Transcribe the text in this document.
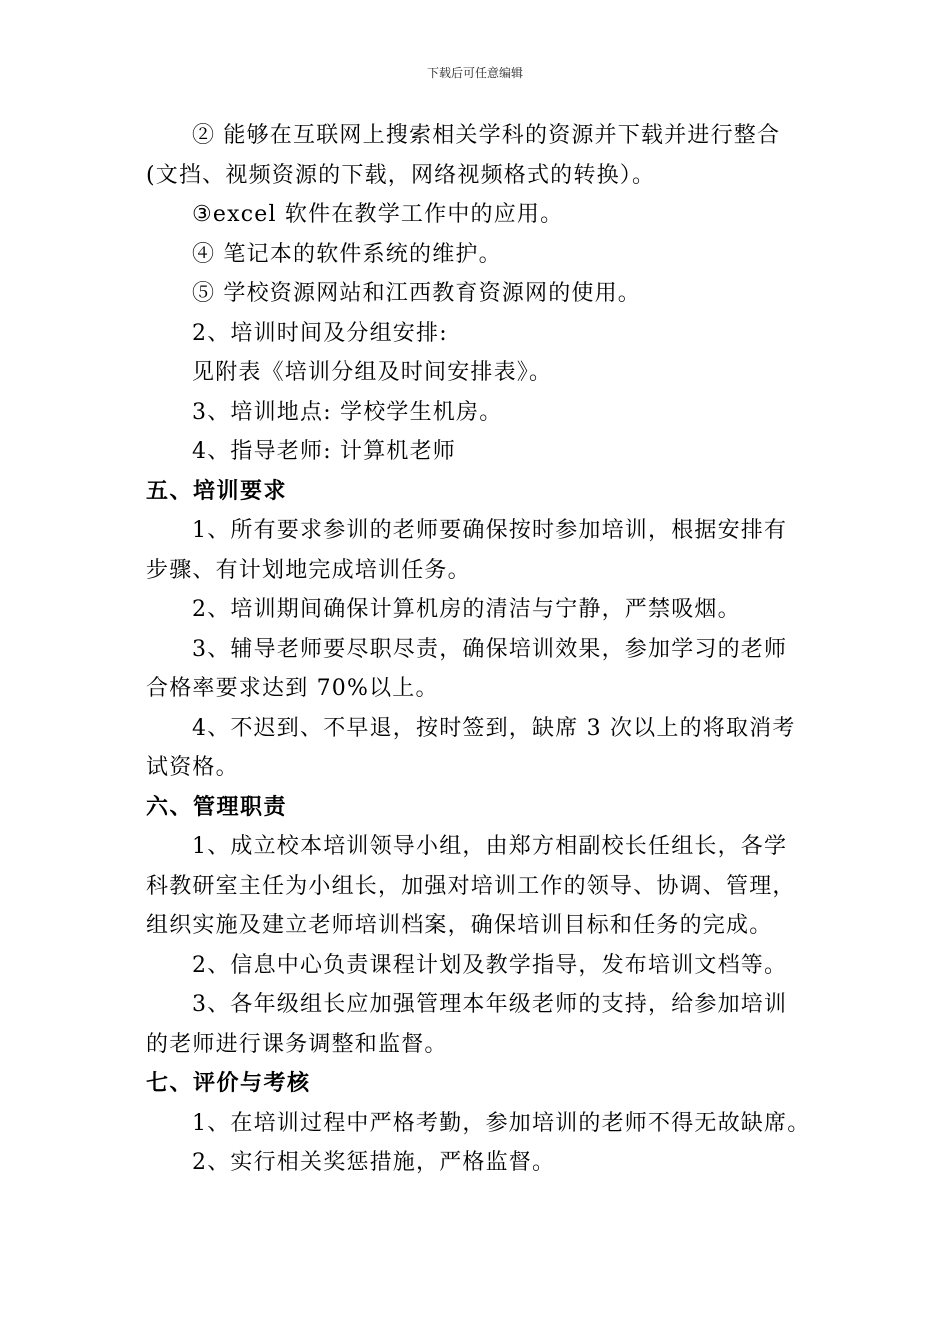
下载后可任意编辑

② 能够在互联网上搜索相关学科的资源并下载并进行整合

(文挡、视频资源的下载，网络视频格式的转换）。

③excel 软件在教学工作中的应用。

④ 笔记本的软件系统的维护。

⑤ 学校资源网站和江西教育资源网的使用。

2、培训时间及分组安排:

见附表《培训分组及时间安排表》。

3、培训地点: 学校学生机房。

4、指导老师: 计算机老师

五、培训要求

1、所有要求参训的老师要确保按时参加培训，根据安排有

步骤、有计划地完成培训任务。

2、培训期间确保计算机房的清洁与宁静，严禁吸烟。

3、辅导老师要尽职尽责，确保培训效果，参加学习的老师

合格率要求达到 70%以上。

4、不迟到、不早退，按时签到，缺席 3 次以上的将取消考

试资格。

六、管理职责

1、成立校本培训领导小组，由郑方相副校长任组长，各学

科教研室主任为小组长，加强对培训工作的领导、协调、管理，

组织实施及建立老师培训档案，确保培训目标和任务的完成。

2、信息中心负责课程计划及教学指导，发布培训文档等。

3、各年级组长应加强管理本年级老师的支持，给参加培训

的老师进行课务调整和监督。

七、评价与考核

1、在培训过程中严格考勤，参加培训的老师不得无故缺席。

2、实行相关奖惩措施，严格监督。
